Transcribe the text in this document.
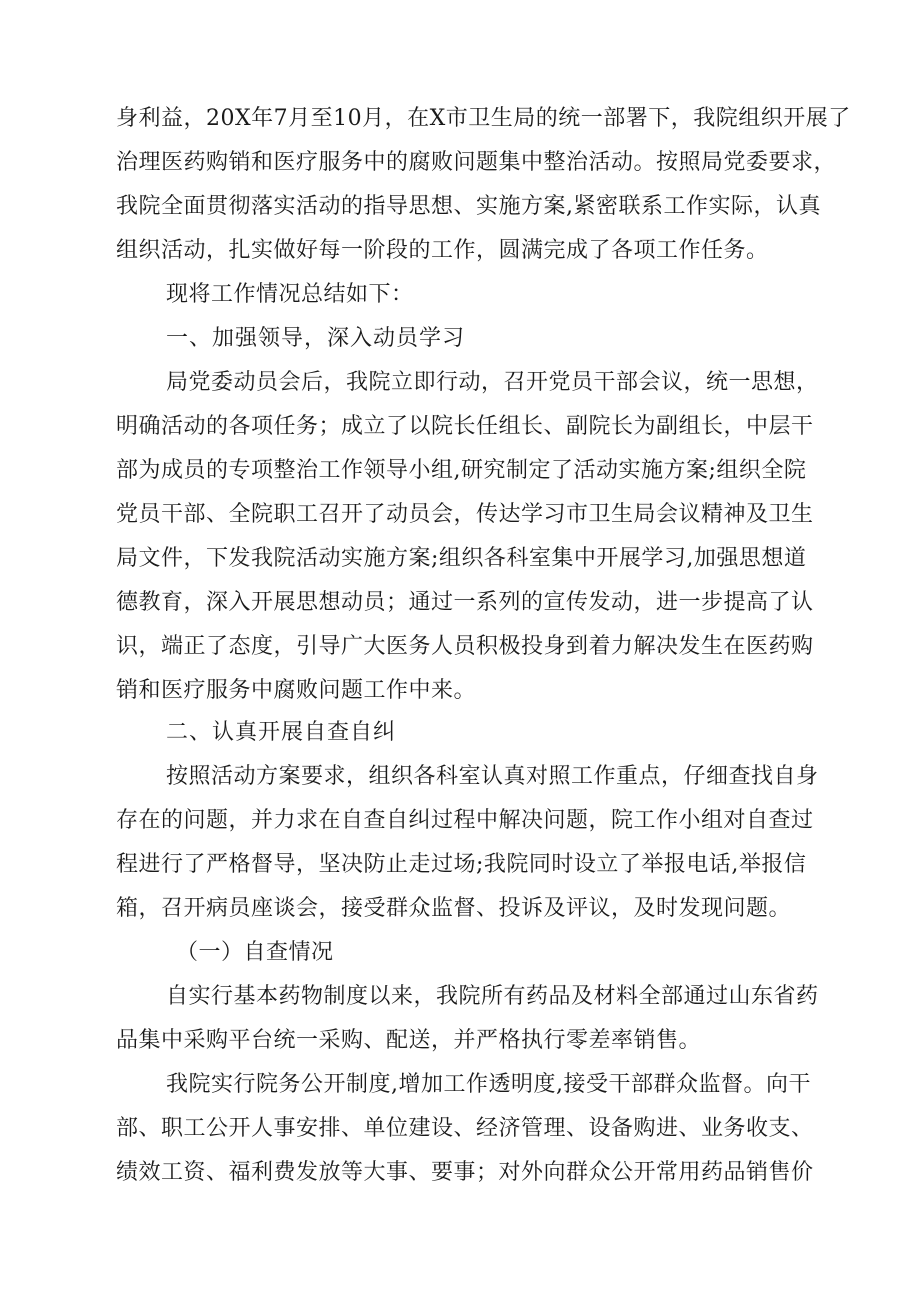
身利益，20X年7月至10月，在X市卫生局的统一部署下，我院组织开展了
治理医药购销和医疗服务中的腐败问题集中整治活动。按照局党委要求，
我院全面贯彻落实活动的指导思想、实施方案,紧密联系工作实际，认真
组织活动，扎实做好每一阶段的工作，圆满完成了各项工作任务。
现将工作情况总结如下：
一、加强领导，深入动员学习
局党委动员会后，我院立即行动，召开党员干部会议，统一思想，
明确活动的各项任务；成立了以院长任组长、副院长为副组长，中层干
部为成员的专项整治工作领导小组,研究制定了活动实施方案;组织全院
党员干部、全院职工召开了动员会，传达学习市卫生局会议精神及卫生
局文件，下发我院活动实施方案;组织各科室集中开展学习,加强思想道
德教育，深入开展思想动员；通过一系列的宣传发动，进一步提高了认
识，端正了态度，引导广大医务人员积极投身到着力解决发生在医药购
销和医疗服务中腐败问题工作中来。
二、认真开展自查自纠
按照活动方案要求，组织各科室认真对照工作重点，仔细查找自身
存在的问题，并力求在自查自纠过程中解决问题，院工作小组对自查过
程进行了严格督导，坚决防止走过场;我院同时设立了举报电话,举报信
箱，召开病员座谈会，接受群众监督、投诉及评议，及时发现问题。
（一）自查情况
自实行基本药物制度以来，我院所有药品及材料全部通过山东省药
品集中采购平台统一采购、配送，并严格执行零差率销售。
我院实行院务公开制度,增加工作透明度,接受干部群众监督。向干
部、职工公开人事安排、单位建设、经济管理、设备购进、业务收支、
绩效工资、福利费发放等大事、要事；对外向群众公开常用药品销售价
